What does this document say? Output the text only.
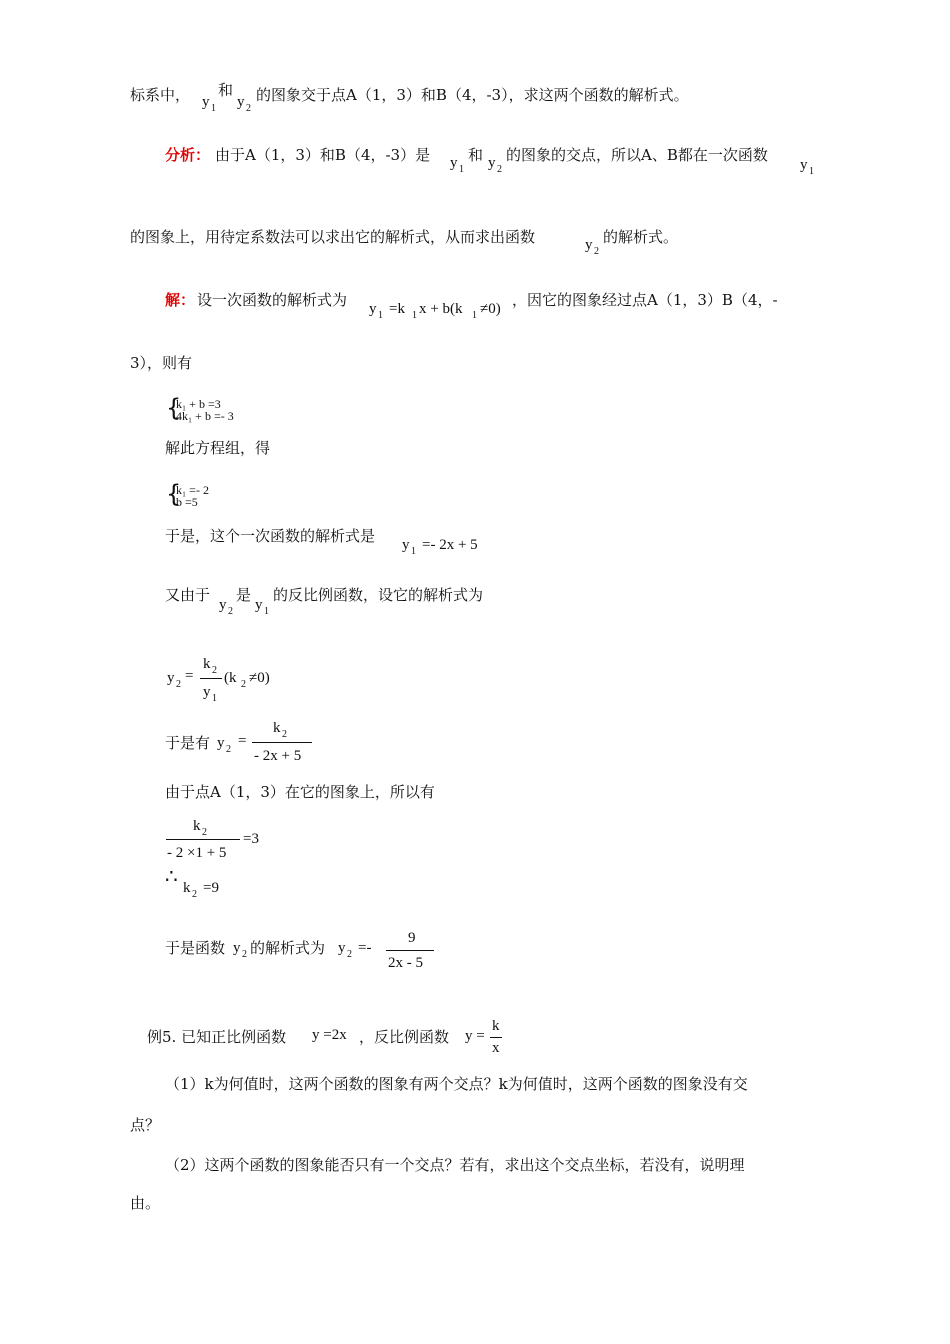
标系中， y 1
和
y 2
的图象交于点A（1，3）和B（4，-3），求这两个函数的解析式。
分析： 由于A（1，3）和B（4，-3）是 y 1
和 y 2
的图象的交点，所以A、B都在一次函数
y 1
的图象上，用待定系数法可以求出它的解析式，从而求出函数	y 2
的解析式。
解： 设一次函数的解析式为 y 1 =k 1 x + b(k 1 ≠0) ，因它的图象经过点A（1，3）B（4，-
3），则有
{
k₁ + b =3
4k₁ + b =- 3
解此方程组，得
{
k₁ =- 2
b =5
于是，这个一次函数的解析式是 y 1 =- 2x + 5
又由于
y 2
是
y 1
的反比例函数，设它的解析式为
y 2
=
k 2
y 1
(k 2 ≠0)
于是有 y 2
=
k 2
- 2x + 5
由于点A（1，3）在它的图象上，所以有
k 2
- 2 ×1 + 5
=3
∴ k 2 =9
于是函数 y 2 的解析式为 y 2 =-
9
2x - 5
例5. 已知正比例函数 y =2x ，反比例函数 y =
k
x
（1）k为何值时，这两个函数的图象有两个交点？k为何值时，这两个函数的图象没有交
点？
（2）这两个函数的图象能否只有一个交点？若有，求出这个交点坐标，若没有，说明理
由。
